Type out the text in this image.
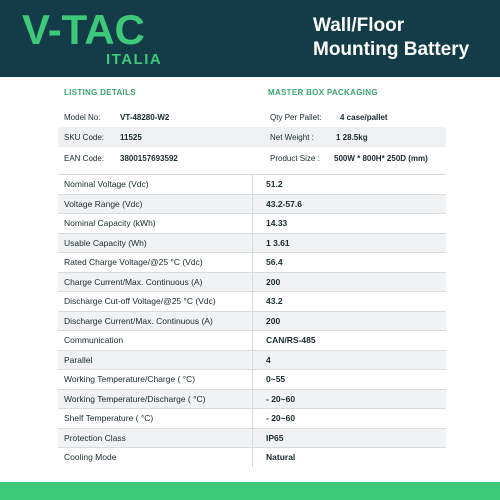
V-TAC
ITALIA
Wall/Floor
Mounting Battery
LISTING DETAILS	MASTER BOX PACKAGING
Model No: VT-48280-W2	Qty Per Pallet: 4 case/pallet
SKU Code: 11525	Net Weight :	1 28.5kg
EAN Code: 3800157693592	Product Size : 500W * 800H* 250D (mm)
Nominal Voltage (Vdc)	51.2
Voltage Range (Vdc)	43.2-57.6
Nominal Capacity (kWh)	14.33
Usable Capacity (Wh)	1 3.61
Rated Charge Voltage/@25 °C (Vdc)	56.4
Charge Current/Max. Continuous (A)	200
Discharge Cut-off Voltage/@25 °C (Vdc)	43.2
Discharge Current/Max. Continuous (A)	200
Communication	CAN/RS-485
Parallel	4
Working Temperature/Charge ( °C)	0~55
Working Temperature/Discharge ( °C)	- 20~60
Shelf Temperature ( °C)	- 20~60
Protection Class	IP65
Cooling Mode	Natural
